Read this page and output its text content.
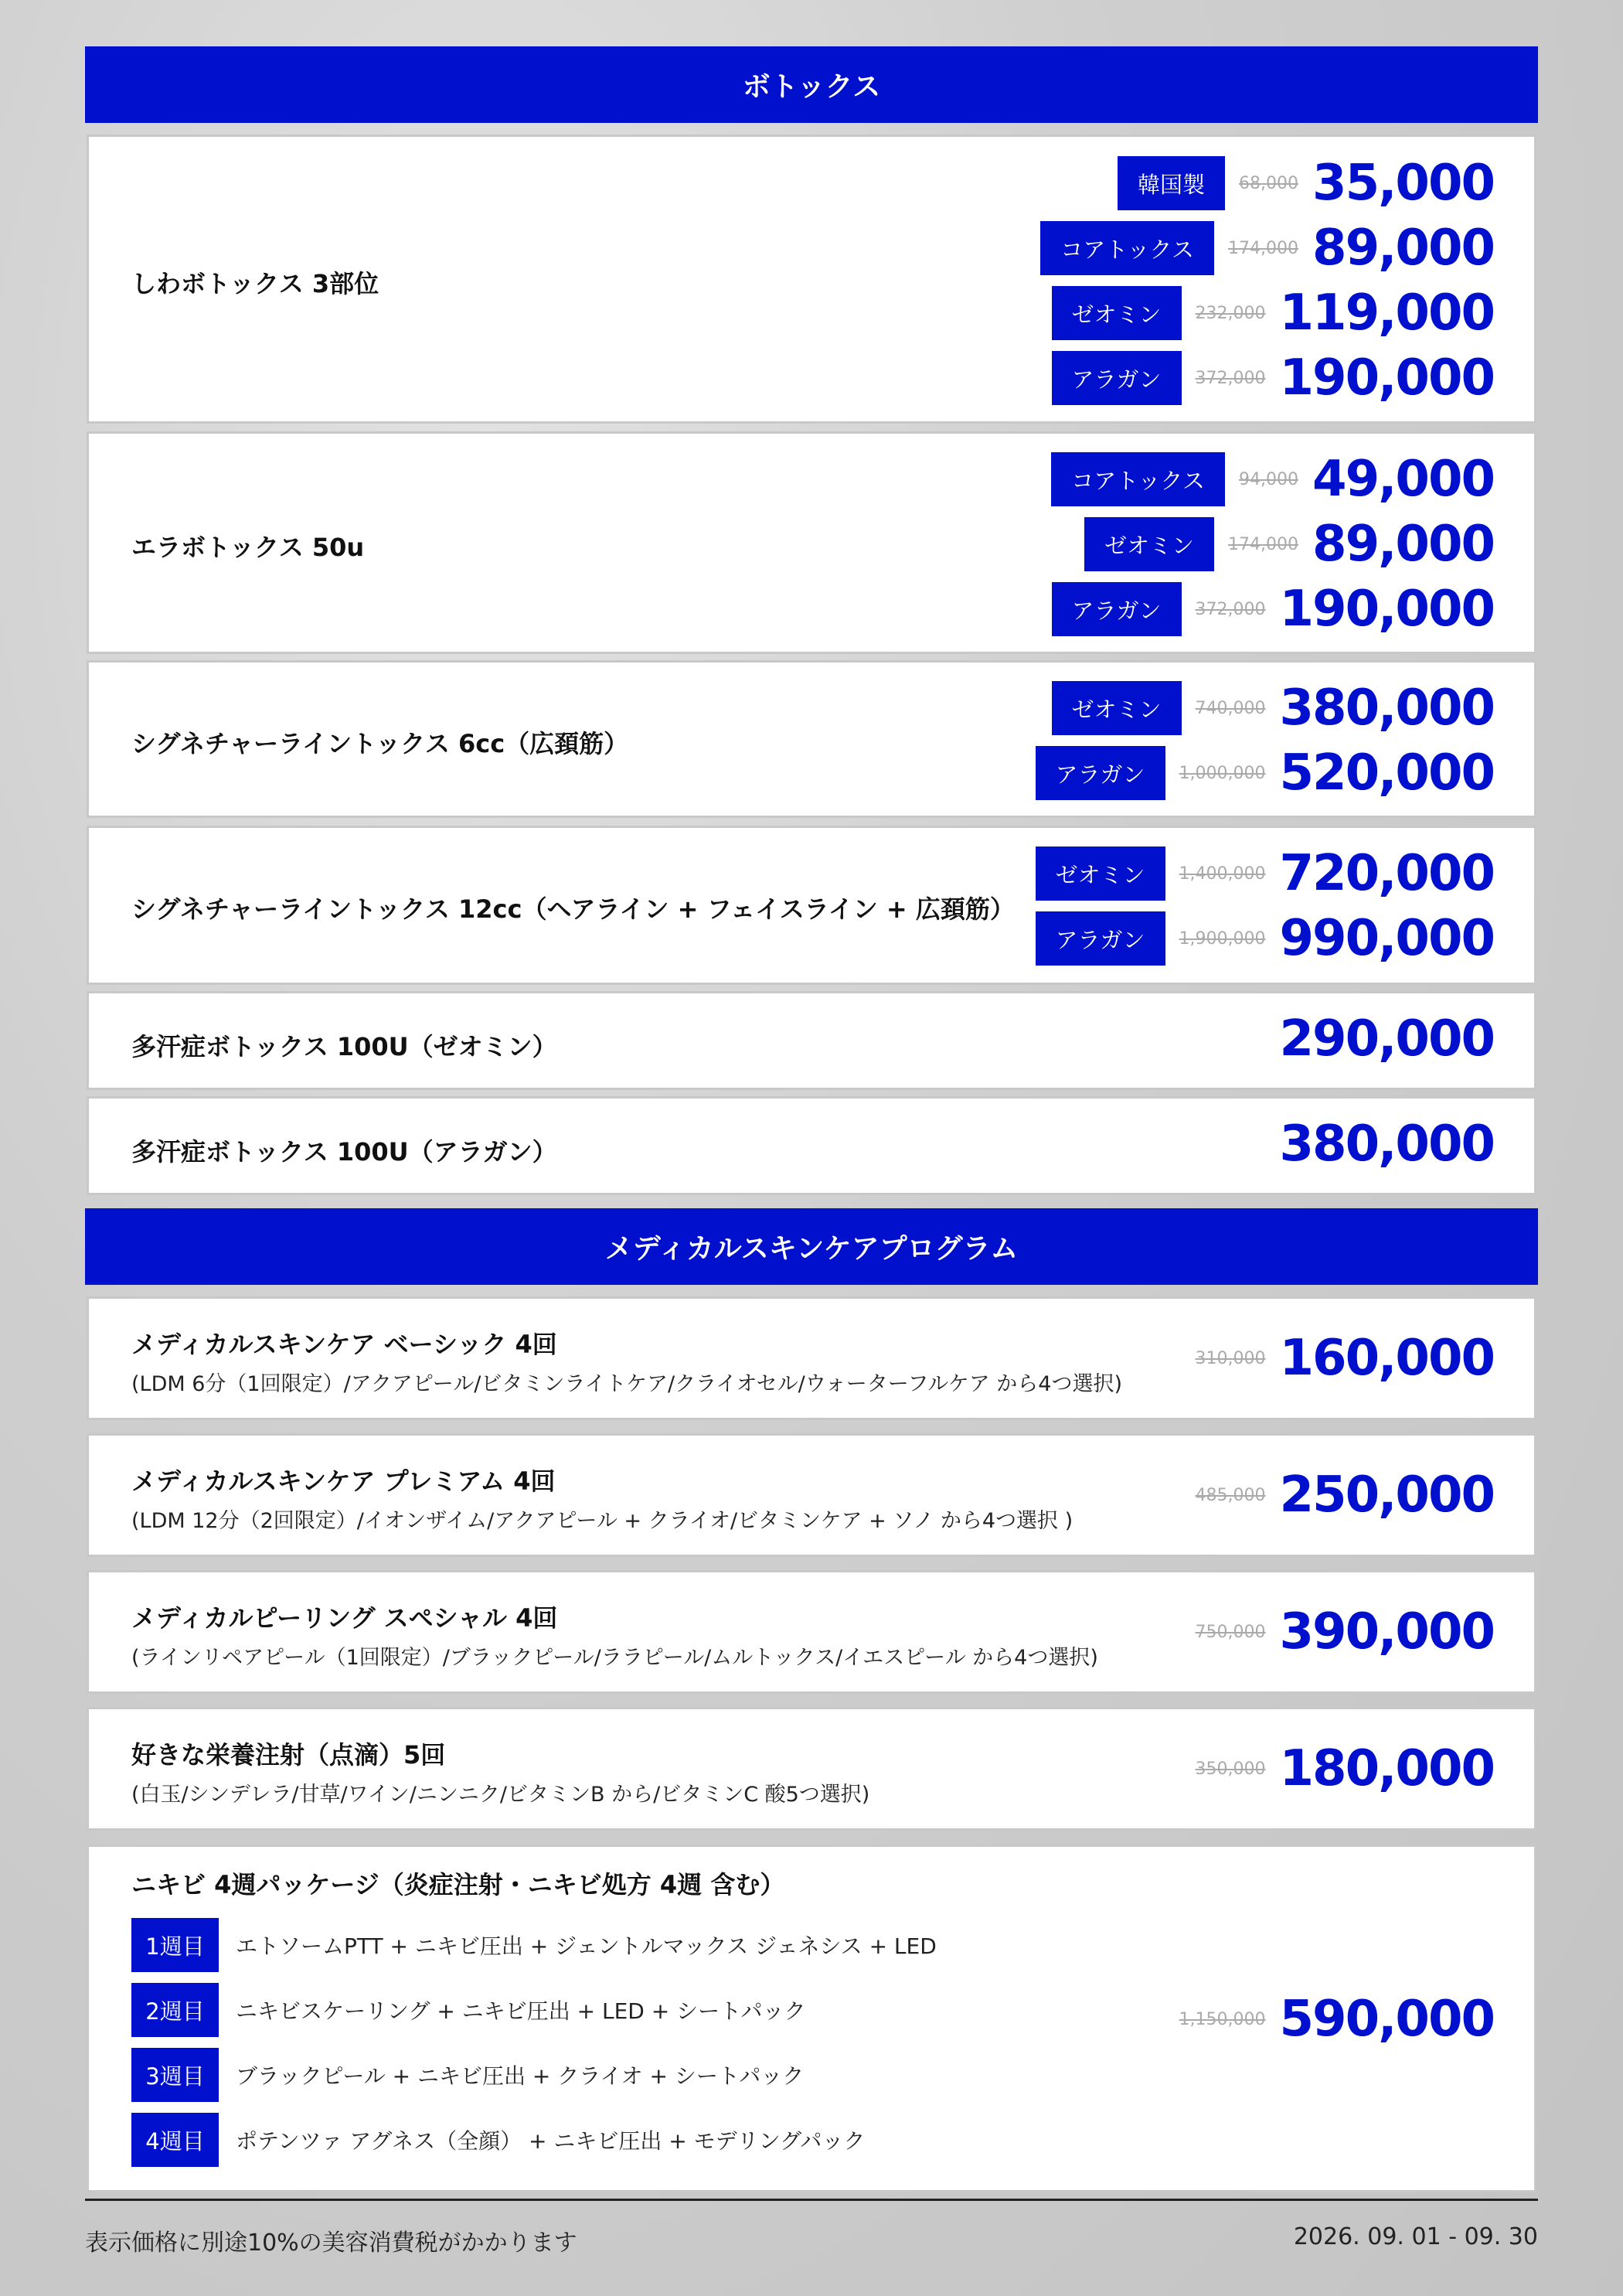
ボトックス
しわボトックス 3部位
韓国製	68,000 35,000
コアトックス	174,000 89,000
ゼオミン	232,000 119,000
アラガン	372,000 190,000
エラボトックス 50u
コアトックス	94,000 49,000
ゼオミン	174,000 89,000
アラガン	372,000 190,000
シグネチャーライントックス 6cc（広頚筋）
ゼオミン	740,000 380,000
アラガン	1,000,000 520,000
シグネチャーライントックス 12cc（ヘアライン + フェイスライン + 広頚筋）
ゼオミン	1,400,000 720,000
アラガン	1,900,000 990,000
多汗症ボトックス 100U（ゼオミン）	290,000
多汗症ボトックス 100U（アラガン）	380,000
メディカルスキンケアプログラム
メディカルスキンケア ベーシック 4回
(LDM 6分（1回限定）/アクアピール/ビタミンライトケア/クライオセル/ウォーターフルケア から4つ選択)
310,000 160,000
メディカルスキンケア プレミアム 4回
(LDM 12分（2回限定）/イオンザイム/アクアピール + クライオ/ビタミンケア + ソノ から4つ選択 )
485,000 250,000
メディカルピーリング スペシャル 4回
(ラインリペアピール（1回限定）/ブラックピール/ララピール/ムルトックス/イエスピール から4つ選択)
750,000 390,000
好きな栄養注射（点滴）5回
(白玉/シンデレラ/甘草/ワイン/ニンニク/ビタミンB から/ビタミンC 酸5つ選択)
350,000 180,000
ニキビ 4週パッケージ（炎症注射・ニキビ処方 4週 含む）
1週目	エトソームPTT + ニキビ圧出 + ジェントルマックス ジェネシス + LED
2週目	ニキビスケーリング + ニキビ圧出 + LED + シートパック
3週目	ブラックピール + ニキビ圧出 + クライオ + シートパック
4週目	ポテンツァ アグネス（全顔） + ニキビ圧出 + モデリングパック
1,150,000 590,000
表示価格に別途10%の美容消費税がかかります	2026. 09. 01 - 09. 30
